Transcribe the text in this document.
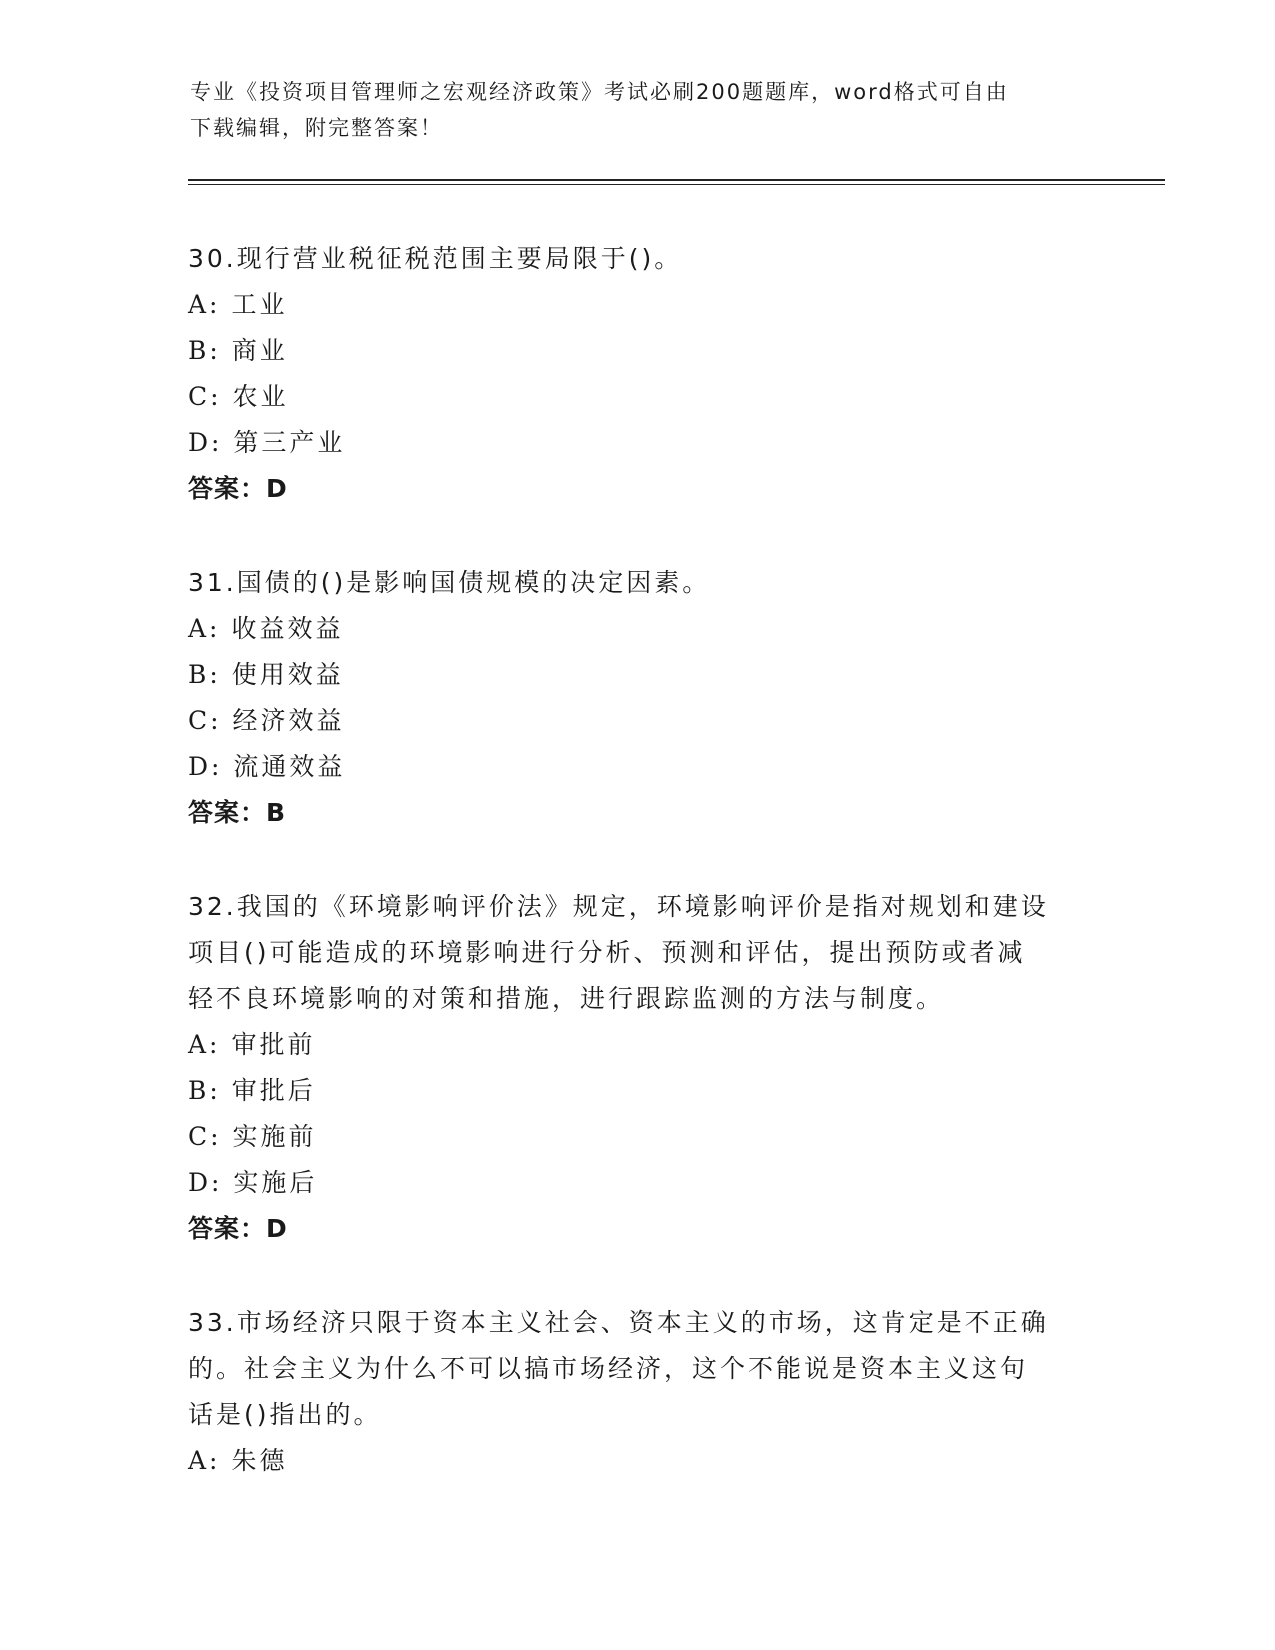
专业《投资项目管理师之宏观经济政策》考试必刷200题题库，word格式可自由
下载编辑，附完整答案！
30.现行营业税征税范围主要局限于()。
A: 工业
B: 商业
C: 农业
D: 第三产业
答案：D
31.国债的()是影响国债规模的决定因素。
A: 收益效益
B: 使用效益
C: 经济效益
D: 流通效益
答案：B
32.我国的《环境影响评价法》规定，环境影响评价是指对规划和建设
项目()可能造成的环境影响进行分析、预测和评估，提出预防或者减
轻不良环境影响的对策和措施，进行跟踪监测的方法与制度。
A: 审批前
B: 审批后
C: 实施前
D: 实施后
答案：D
33.市场经济只限于资本主义社会、资本主义的市场，这肯定是不正确
的。社会主义为什么不可以搞市场经济，这个不能说是资本主义这句
话是()指出的。
A: 朱德
